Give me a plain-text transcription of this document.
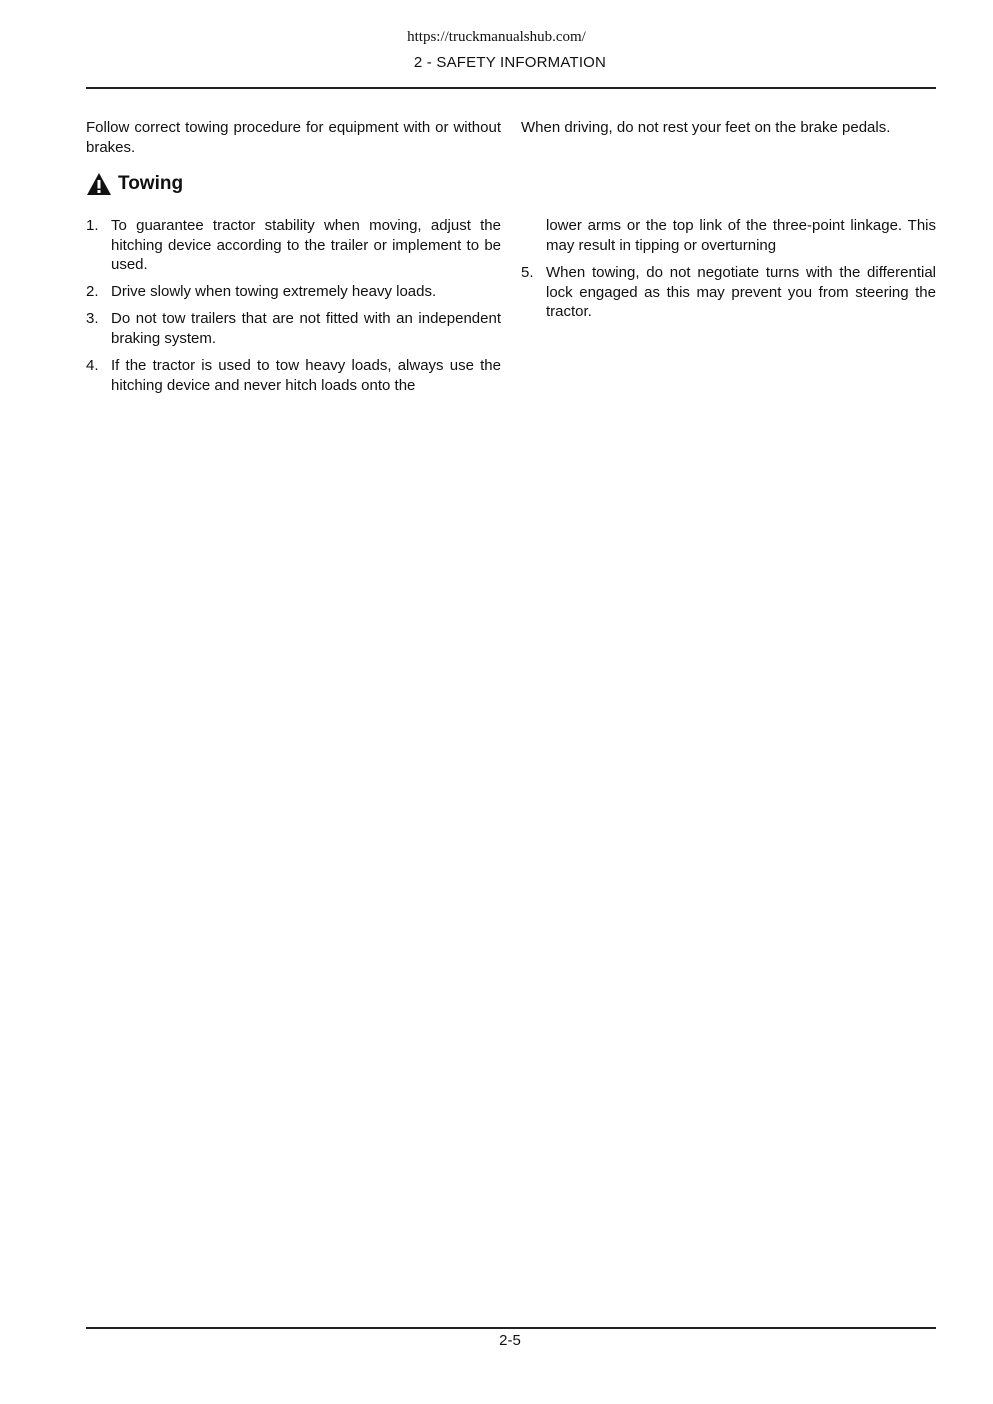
https://truckmanualshub.com/
2 - SAFETY INFORMATION
Follow correct towing procedure for equipment with or without brakes.
When driving, do not rest your feet on the brake pedals.
Towing
1. To guarantee tractor stability when moving, adjust the hitching device according to the trailer or implement to be used.
2. Drive slowly when towing extremely heavy loads.
3. Do not tow trailers that are not fitted with an independent braking system.
4. If the tractor is used to tow heavy loads, always use the hitching device and never hitch loads onto the
lower arms or the top link of the three-point linkage. This may result in tipping or overturning
5. When towing, do not negotiate turns with the differential lock engaged as this may prevent you from steering the tractor.
2-5
